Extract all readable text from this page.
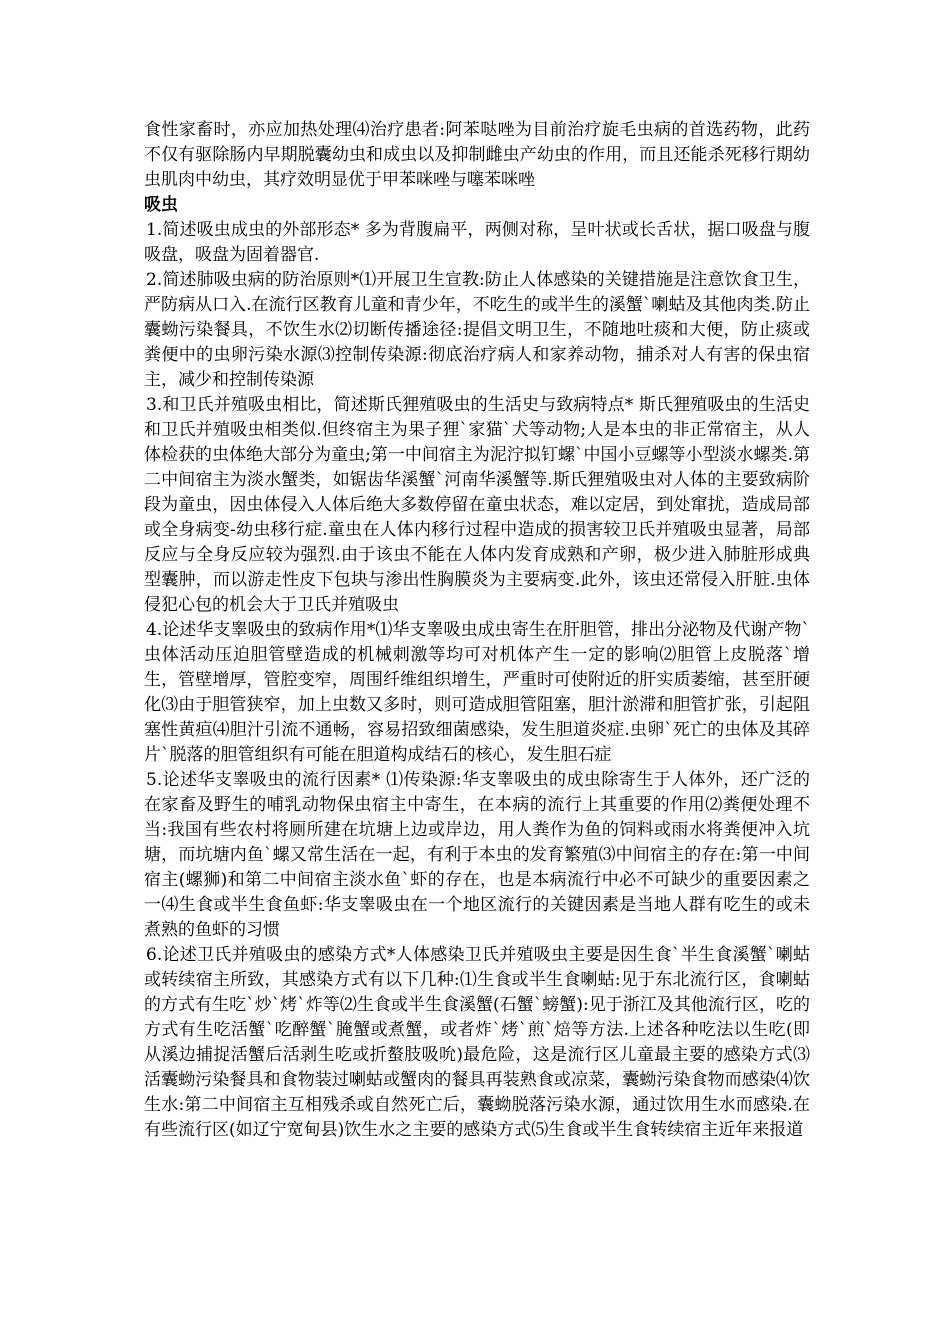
食性家畜时，亦应加热处理⑷治疗患者:阿苯哒唑为目前治疗旋毛虫病的首选药物，此药不仅有驱除肠内早期脱囊幼虫和成虫以及抑制雌虫产幼虫的作用，而且还能杀死移行期幼虫肌肉中幼虫，其疗效明显优于甲苯咪唑与噻苯咪唑

吸虫

1.简述吸虫成虫的外部形态* 多为背腹扁平，两侧对称，呈叶状或长舌状，据口吸盘与腹吸盘，吸盘为固着器官.

2.简述肺吸虫病的防治原则*⑴开展卫生宣教:防止人体感染的关键措施是注意饮食卫生，严防病从口入.在流行区教育儿童和青少年，不吃生的或半生的溪蟹`喇蛄及其他肉类.防止囊蚴污染餐具，不饮生水⑵切断传播途径:提倡文明卫生，不随地吐痰和大便，防止痰或粪便中的虫卵污染水源⑶控制传染源:彻底治疗病人和家养动物，捕杀对人有害的保虫宿主，减少和控制传染源

3.和卫氏并殖吸虫相比，简述斯氏狸殖吸虫的生活史与致病特点* 斯氏狸殖吸虫的生活史和卫氏并殖吸虫相类似.但终宿主为果子狸`家猫`犬等动物;人是本虫的非正常宿主，从人体检获的虫体绝大部分为童虫;第一中间宿主为泥泞拟钉螺`中国小豆螺等小型淡水螺类.第二中间宿主为淡水蟹类，如锯齿华溪蟹`河南华溪蟹等.斯氏狸殖吸虫对人体的主要致病阶段为童虫，因虫体侵入人体后绝大多数停留在童虫状态，难以定居，到处窜扰，造成局部或全身病变-幼虫移行症.童虫在人体内移行过程中造成的损害较卫氏并殖吸虫显著，局部反应与全身反应较为强烈.由于该虫不能在人体内发育成熟和产卵，极少进入肺脏形成典型囊肿，而以游走性皮下包块与渗出性胸膜炎为主要病变.此外，该虫还常侵入肝脏.虫体侵犯心包的机会大于卫氏并殖吸虫

4.论述华支睾吸虫的致病作用*⑴华支睾吸虫成虫寄生在肝胆管，排出分泌物及代谢产物`虫体活动压迫胆管壁造成的机械刺激等均可对机体产生一定的影响⑵胆管上皮脱落`增生，管壁增厚，管腔变窄，周围纤维组织增生，严重时可使附近的肝实质萎缩，甚至肝硬化⑶由于胆管狭窄，加上虫数又多时，则可造成胆管阻塞，胆汁淤滞和胆管扩张，引起阻塞性黄疸⑷胆汁引流不通畅，容易招致细菌感染，发生胆道炎症.虫卵`死亡的虫体及其碎片`脱落的胆管组织有可能在胆道构成结石的核心，发生胆石症

5.论述华支睾吸虫的流行因素* ⑴传染源:华支睾吸虫的成虫除寄生于人体外，还广泛的在家畜及野生的哺乳动物保虫宿主中寄生，在本病的流行上其重要的作用⑵粪便处理不当:我国有些农村将厕所建在坑塘上边或岸边，用人粪作为鱼的饲料或雨水将粪便冲入坑塘，而坑塘内鱼`螺又常生活在一起，有利于本虫的发育繁殖⑶中间宿主的存在:第一中间宿主(螺狮)和第二中间宿主淡水鱼`虾的存在，也是本病流行中必不可缺少的重要因素之一⑷生食或半生食鱼虾:华支睾吸虫在一个地区流行的关键因素是当地人群有吃生的或未煮熟的鱼虾的习惯

6.论述卫氏并殖吸虫的感染方式*人体感染卫氏并殖吸虫主要是因生食`半生食溪蟹`喇蛄或转续宿主所致，其感染方式有以下几种:⑴生食或半生食喇蛄:见于东北流行区，食喇蛄的方式有生吃`炒`烤`炸等⑵生食或半生食溪蟹(石蟹`螃蟹):见于浙江及其他流行区，吃的方式有生吃活蟹`吃醉蟹`腌蟹或煮蟹，或者炸`烤`煎`焙等方法.上述各种吃法以生吃(即从溪边捕捉活蟹后活剥生吃或折螯肢吸吮)最危险，这是流行区儿童最主要的感染方式⑶活囊蚴污染餐具和食物装过喇蛄或蟹肉的餐具再装熟食或凉菜，囊蚴污染食物而感染⑷饮生水:第二中间宿主互相残杀或自然死亡后，囊蚴脱落污染水源，通过饮用生水而感染.在有些流行区(如辽宁宽甸县)饮生水之主要的感染方式⑸生食或半生食转续宿主近年来报道
